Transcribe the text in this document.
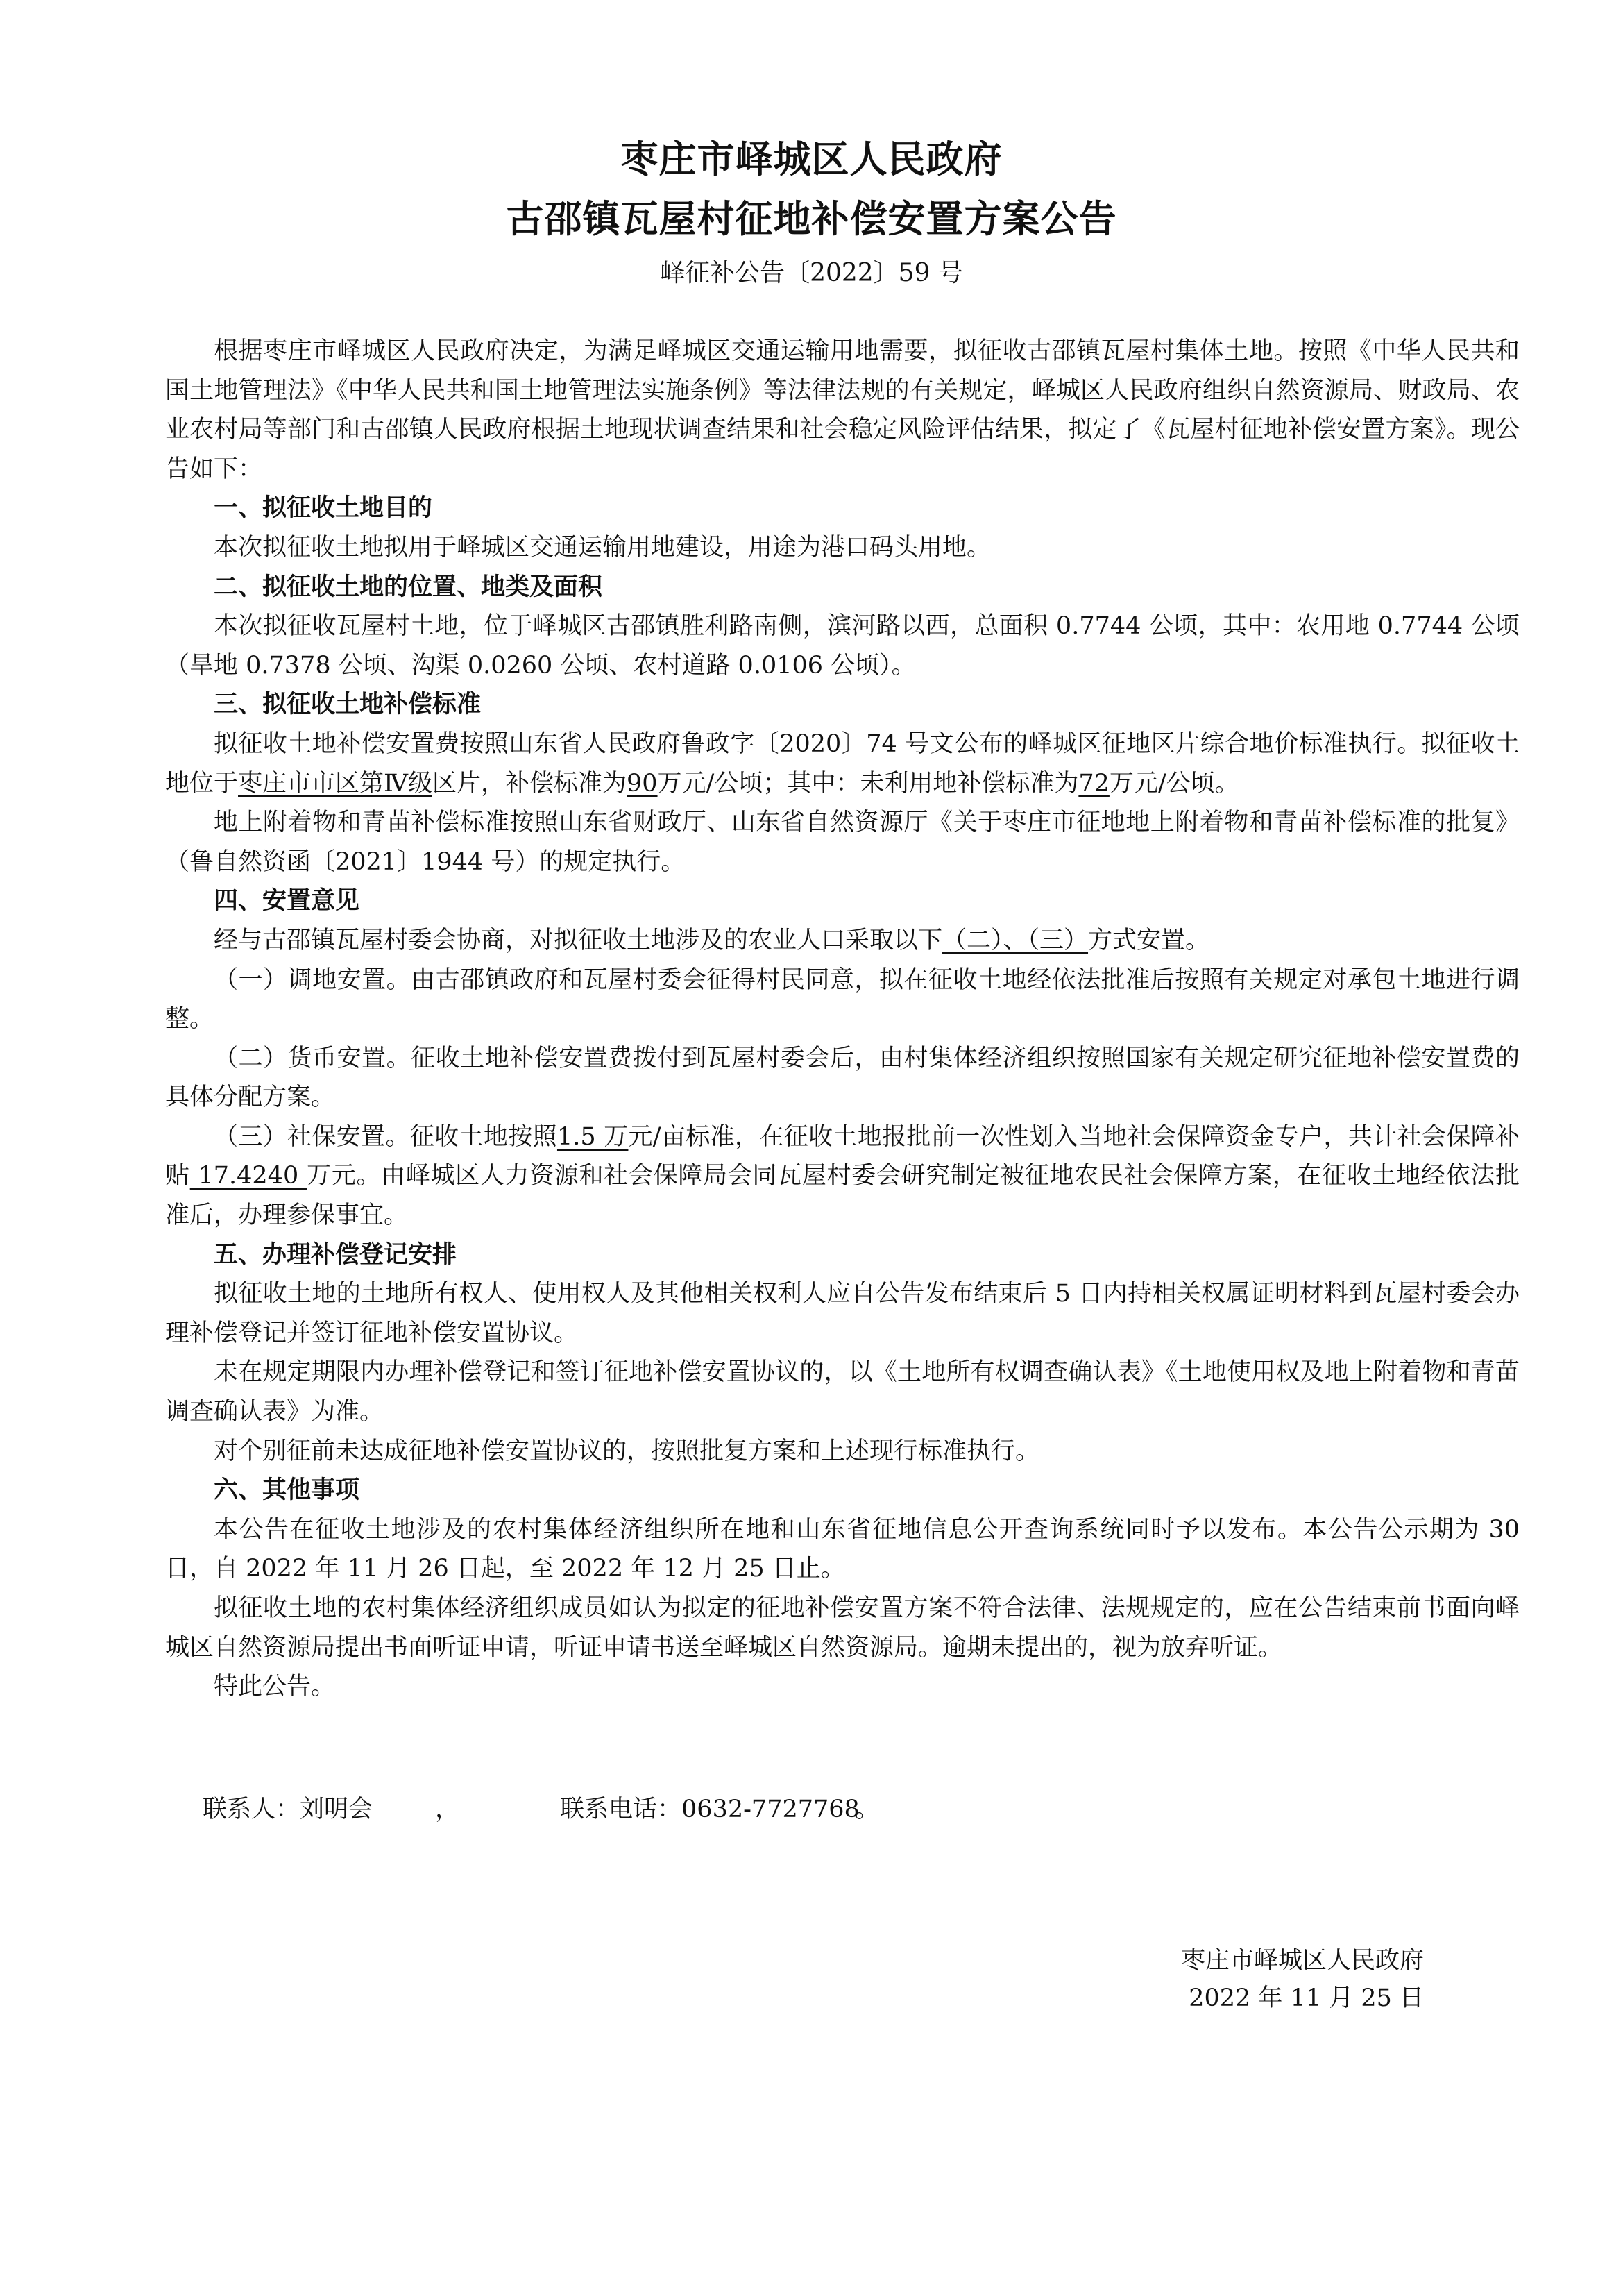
枣庄市峄城区人民政府
古邵镇瓦屋村征地补偿安置方案公告
峄征补公告〔2022〕59 号

根据枣庄市峄城区人民政府决定，为满足峄城区交通运输用地需要，拟征收古邵镇瓦屋村集体土地。按照《中华人民共和国土地管理法》《中华人民共和国土地管理法实施条例》等法律法规的有关规定，峄城区人民政府组织自然资源局、财政局、农业农村局等部门和古邵镇人民政府根据土地现状调查结果和社会稳定风险评估结果，拟定了《瓦屋村征地补偿安置方案》。现公告如下：

一、拟征收土地目的

本次拟征收土地拟用于峄城区交通运输用地建设，用途为港口码头用地。

二、拟征收土地的位置、地类及面积

本次拟征收瓦屋村土地，位于峄城区古邵镇胜利路南侧，滨河路以西，总面积 0.7744 公顷，其中：农用地 0.7744 公顷（旱地 0.7378 公顷、沟渠 0.0260 公顷、农村道路 0.0106 公顷）。

三、拟征收土地补偿标准

拟征收土地补偿安置费按照山东省人民政府鲁政字〔2020〕74 号文公布的峄城区征地区片综合地价标准执行。拟征收土地位于枣庄市市区第Ⅳ级区片，补偿标准为90万元/公顷；其中：未利用地补偿标准为72万元/公顷。

地上附着物和青苗补偿标准按照山东省财政厅、山东省自然资源厅《关于枣庄市征地地上附着物和青苗补偿标准的批复》（鲁自然资函〔2021〕1944 号）的规定执行。

四、安置意见

经与古邵镇瓦屋村委会协商，对拟征收土地涉及的农业人口采取以下（二）、（三）方式安置。

（一）调地安置。由古邵镇政府和瓦屋村委会征得村民同意，拟在征收土地经依法批准后按照有关规定对承包土地进行调整。

（二）货币安置。征收土地补偿安置费拨付到瓦屋村委会后，由村集体经济组织按照国家有关规定研究征地补偿安置费的具体分配方案。

（三）社保安置。征收土地按照1.5 万元/亩标准，在征收土地报批前一次性划入当地社会保障资金专户，共计社会保障补贴 17.4240 万元。由峄城区人力资源和社会保障局会同瓦屋村委会研究制定被征地农民社会保障方案，在征收土地经依法批准后，办理参保事宜。

五、办理补偿登记安排

拟征收土地的土地所有权人、使用权人及其他相关权利人应自公告发布结束后 5 日内持相关权属证明材料到瓦屋村委会办理补偿登记并签订征地补偿安置协议。

未在规定期限内办理补偿登记和签订征地补偿安置协议的，以《土地所有权调查确认表》《土地使用权及地上附着物和青苗调查确认表》为准。

对个别征前未达成征地补偿安置协议的，按照批复方案和上述现行标准执行。

六、其他事项

本公告在征收土地涉及的农村集体经济组织所在地和山东省征地信息公开查询系统同时予以发布。本公告公示期为 30 日，自 2022 年 11 月 26 日起，至 2022 年 12 月 25 日止。

拟征收土地的农村集体经济组织成员如认为拟定的征地补偿安置方案不符合法律、法规规定的，应在公告结束前书面向峄城区自然资源局提出书面听证申请，听证申请书送至峄城区自然资源局。逾期未提出的，视为放弃听证。

特此公告。

联系人：刘明会	，	联系电话：0632-7727768。
枣庄市峄城区人民政府
2022 年 11 月 25 日
